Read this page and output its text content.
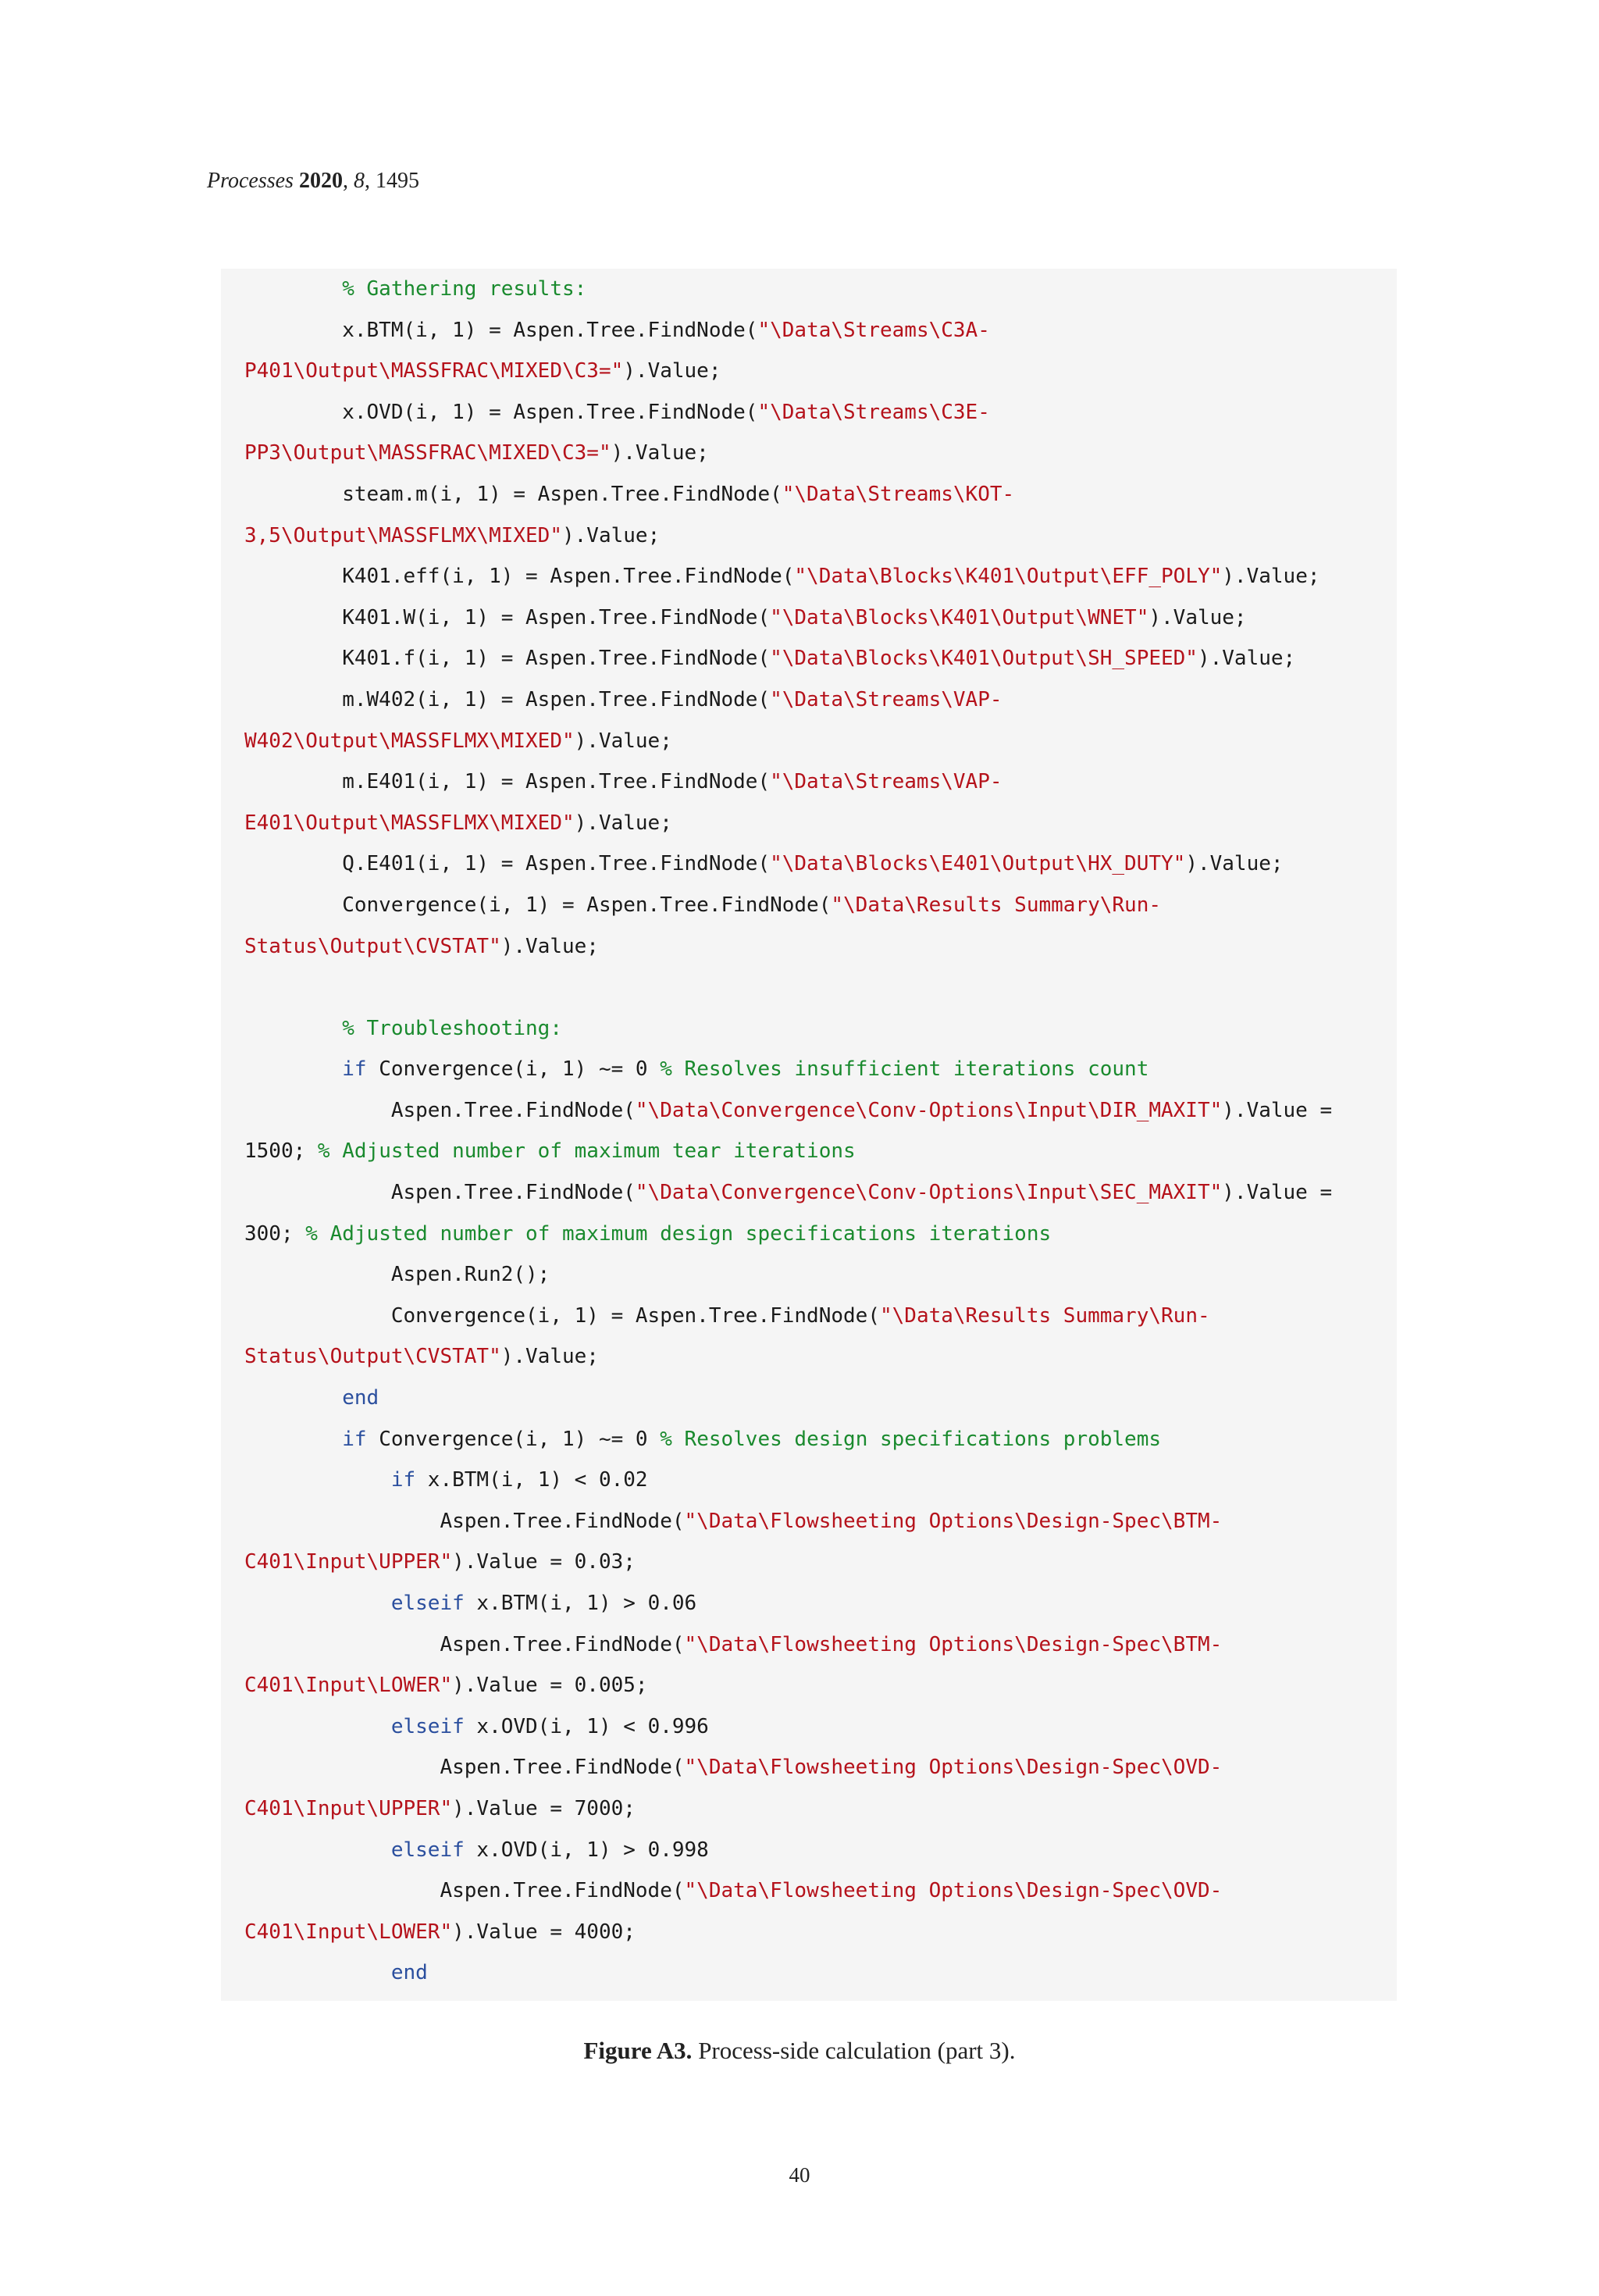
Processes 2020, 8, 1495
% Gathering results:
x.BTM(i, 1) = Aspen.Tree.FindNode("\Data\Streams\C3A-
P401\Output\MASSFRAC\MIXED\C3=").Value;
x.OVD(i, 1) = Aspen.Tree.FindNode("\Data\Streams\C3E-
PP3\Output\MASSFRAC\MIXED\C3=").Value;
steam.m(i, 1) = Aspen.Tree.FindNode("\Data\Streams\KOT-
3,5\Output\MASSFLMX\MIXED").Value;
K401.eff(i, 1) = Aspen.Tree.FindNode("\Data\Blocks\K401\Output\EFF_POLY").Value;
K401.W(i, 1) = Aspen.Tree.FindNode("\Data\Blocks\K401\Output\WNET").Value;
K401.f(i, 1) = Aspen.Tree.FindNode("\Data\Blocks\K401\Output\SH_SPEED").Value;
m.W402(i, 1) = Aspen.Tree.FindNode("\Data\Streams\VAP-
W402\Output\MASSFLMX\MIXED").Value;
m.E401(i, 1) = Aspen.Tree.FindNode("\Data\Streams\VAP-
E401\Output\MASSFLMX\MIXED").Value;
Q.E401(i, 1) = Aspen.Tree.FindNode("\Data\Blocks\E401\Output\HX_DUTY").Value;
Convergence(i, 1) = Aspen.Tree.FindNode("\Data\Results Summary\Run-
Status\Output\CVSTAT").Value;
% Troubleshooting:
if Convergence(i, 1) ~= 0 % Resolves insufficient iterations count
Aspen.Tree.FindNode("\Data\Convergence\Conv-Options\Input\DIR_MAXIT").Value =
1500; % Adjusted number of maximum tear iterations
Aspen.Tree.FindNode("\Data\Convergence\Conv-Options\Input\SEC_MAXIT").Value =
300; % Adjusted number of maximum design specifications iterations
Aspen.Run2();
Convergence(i, 1) = Aspen.Tree.FindNode("\Data\Results Summary\Run-
Status\Output\CVSTAT").Value;
end
if Convergence(i, 1) ~= 0 % Resolves design specifications problems
if x.BTM(i, 1) < 0.02
Aspen.Tree.FindNode("\Data\Flowsheeting Options\Design-Spec\BTM-
C401\Input\UPPER").Value = 0.03;
elseif x.BTM(i, 1) > 0.06
Aspen.Tree.FindNode("\Data\Flowsheeting Options\Design-Spec\BTM-
C401\Input\LOWER").Value = 0.005;
elseif x.OVD(i, 1) < 0.996
Aspen.Tree.FindNode("\Data\Flowsheeting Options\Design-Spec\OVD-
C401\Input\UPPER").Value = 7000;
elseif x.OVD(i, 1) > 0.998
Aspen.Tree.FindNode("\Data\Flowsheeting Options\Design-Spec\OVD-
C401\Input\LOWER").Value = 4000;
end
Figure A3. Process-side calculation (part 3).
40
